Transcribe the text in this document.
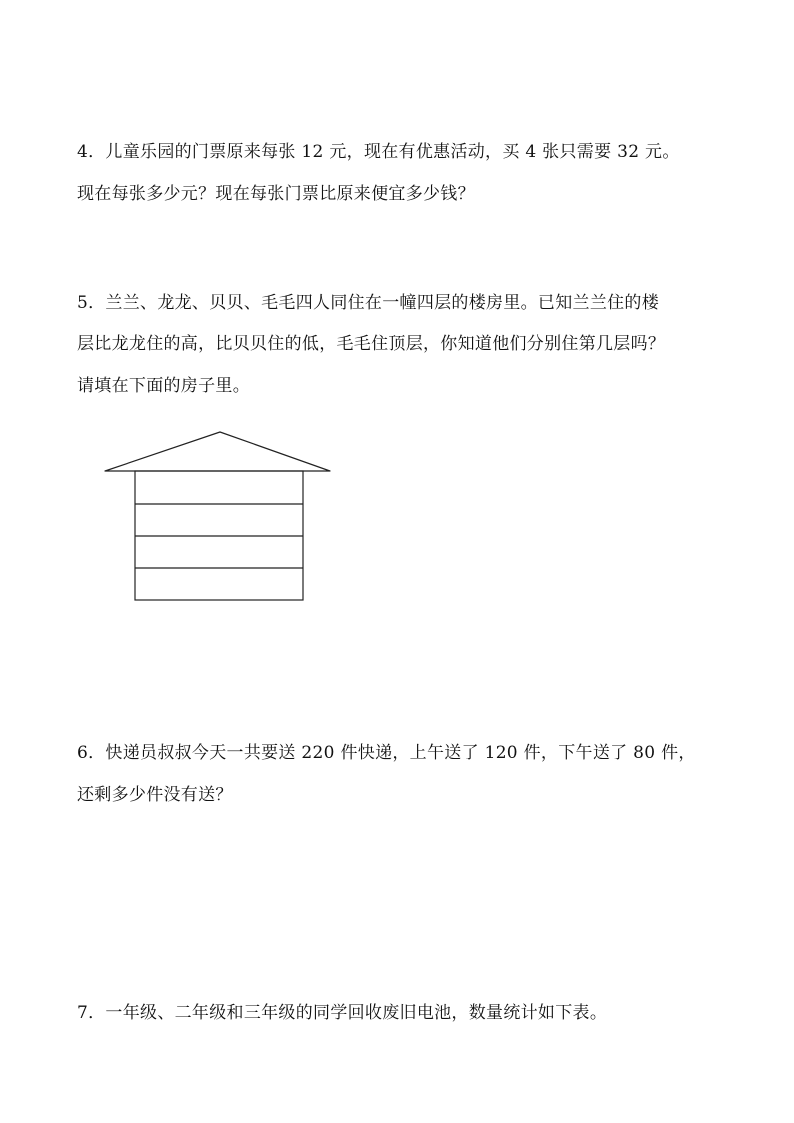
4．儿童乐园的门票原来每张 12 元，现在有优惠活动，买 4 张只需要 32 元。
现在每张多少元？现在每张门票比原来便宜多少钱？
5．兰兰、龙龙、贝贝、毛毛四人同住在一幢四层的楼房里。已知兰兰住的楼
层比龙龙住的高，比贝贝住的低，毛毛住顶层，你知道他们分别住第几层吗？
请填在下面的房子里。
6．快递员叔叔今天一共要送 220 件快递，上午送了 120 件，下午送了 80 件，
还剩多少件没有送？
7．一年级、二年级和三年级的同学回收废旧电池，数量统计如下表。
